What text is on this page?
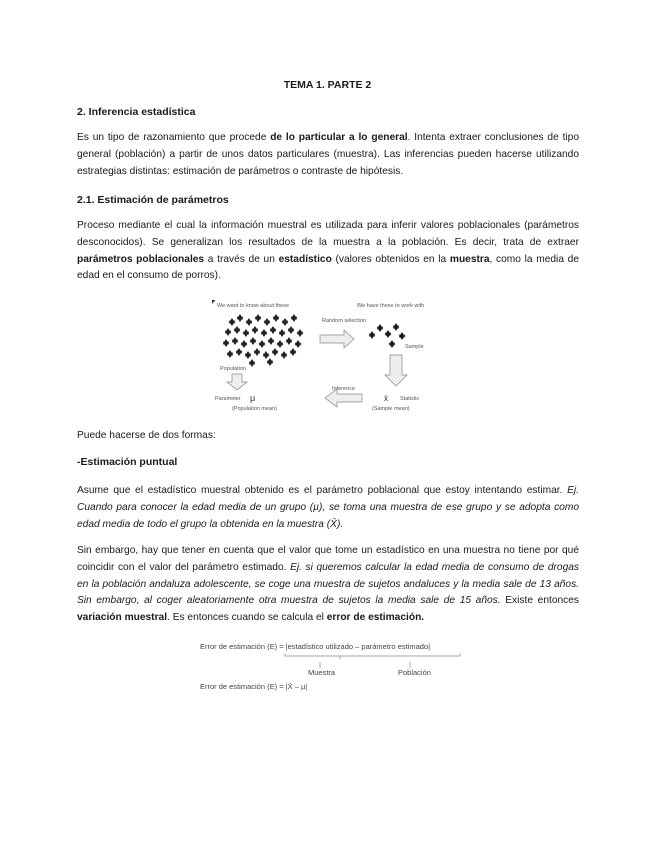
TEMA 1. PARTE 2
2. Inferencia estadística
Es un tipo de razonamiento que procede de lo particular a lo general. Intenta extraer conclusiones de tipo general (población) a partir de unos datos particulares (muestra). Las inferencias pueden hacerse utilizando estrategias distintas: estimación de parámetros o contraste de hipótesis.
2.1. Estimación de parámetros
Proceso mediante el cual la información muestral es utilizada para inferir valores poblacionales (parámetros desconocidos). Se generalizan los resultados de la muestra a la población. Es decir, trata de extraer parámetros poblacionales a través de un estadístico (valores obtenidos en la muestra, como la media de edad en el consumo de porros).
We want to know about these	We have these to work with
Population
Sample
Random selection
Inference
Parameter μ
(Population mean)
x̄ Statistic
(Sample mean)
Puede hacerse de dos formas:
-Estimación puntual
Asume que el estadístico muestral obtenido es el parámetro poblacional que estoy intentando estimar. Ej. Cuando para conocer la edad media de un grupo (µ), se toma una muestra de ese grupo y se adopta como edad media de todo el grupo la obtenida en la muestra (X̄).
Sin embargo, hay que tener en cuenta que el valor que tome un estadístico en una muestra no tiene por qué coincidir con el valor del parámetro estimado. Ej. si queremos calcular la edad media de consumo de drogas en la población andaluza adolescente, se coge una muestra de sujetos andaluces y la media sale de 13 años. Sin embargo, al coger aleatoriamente otra muestra de sujetos la media sale de 15 años. Existe entonces variación muestral. Es entonces cuando se calcula el error de estimación.
Error de estimación (E) = |estadístico utilizado – parámetro estimado|
Muestra	Población
Error de estimación (E) = |X̄ – µ|
